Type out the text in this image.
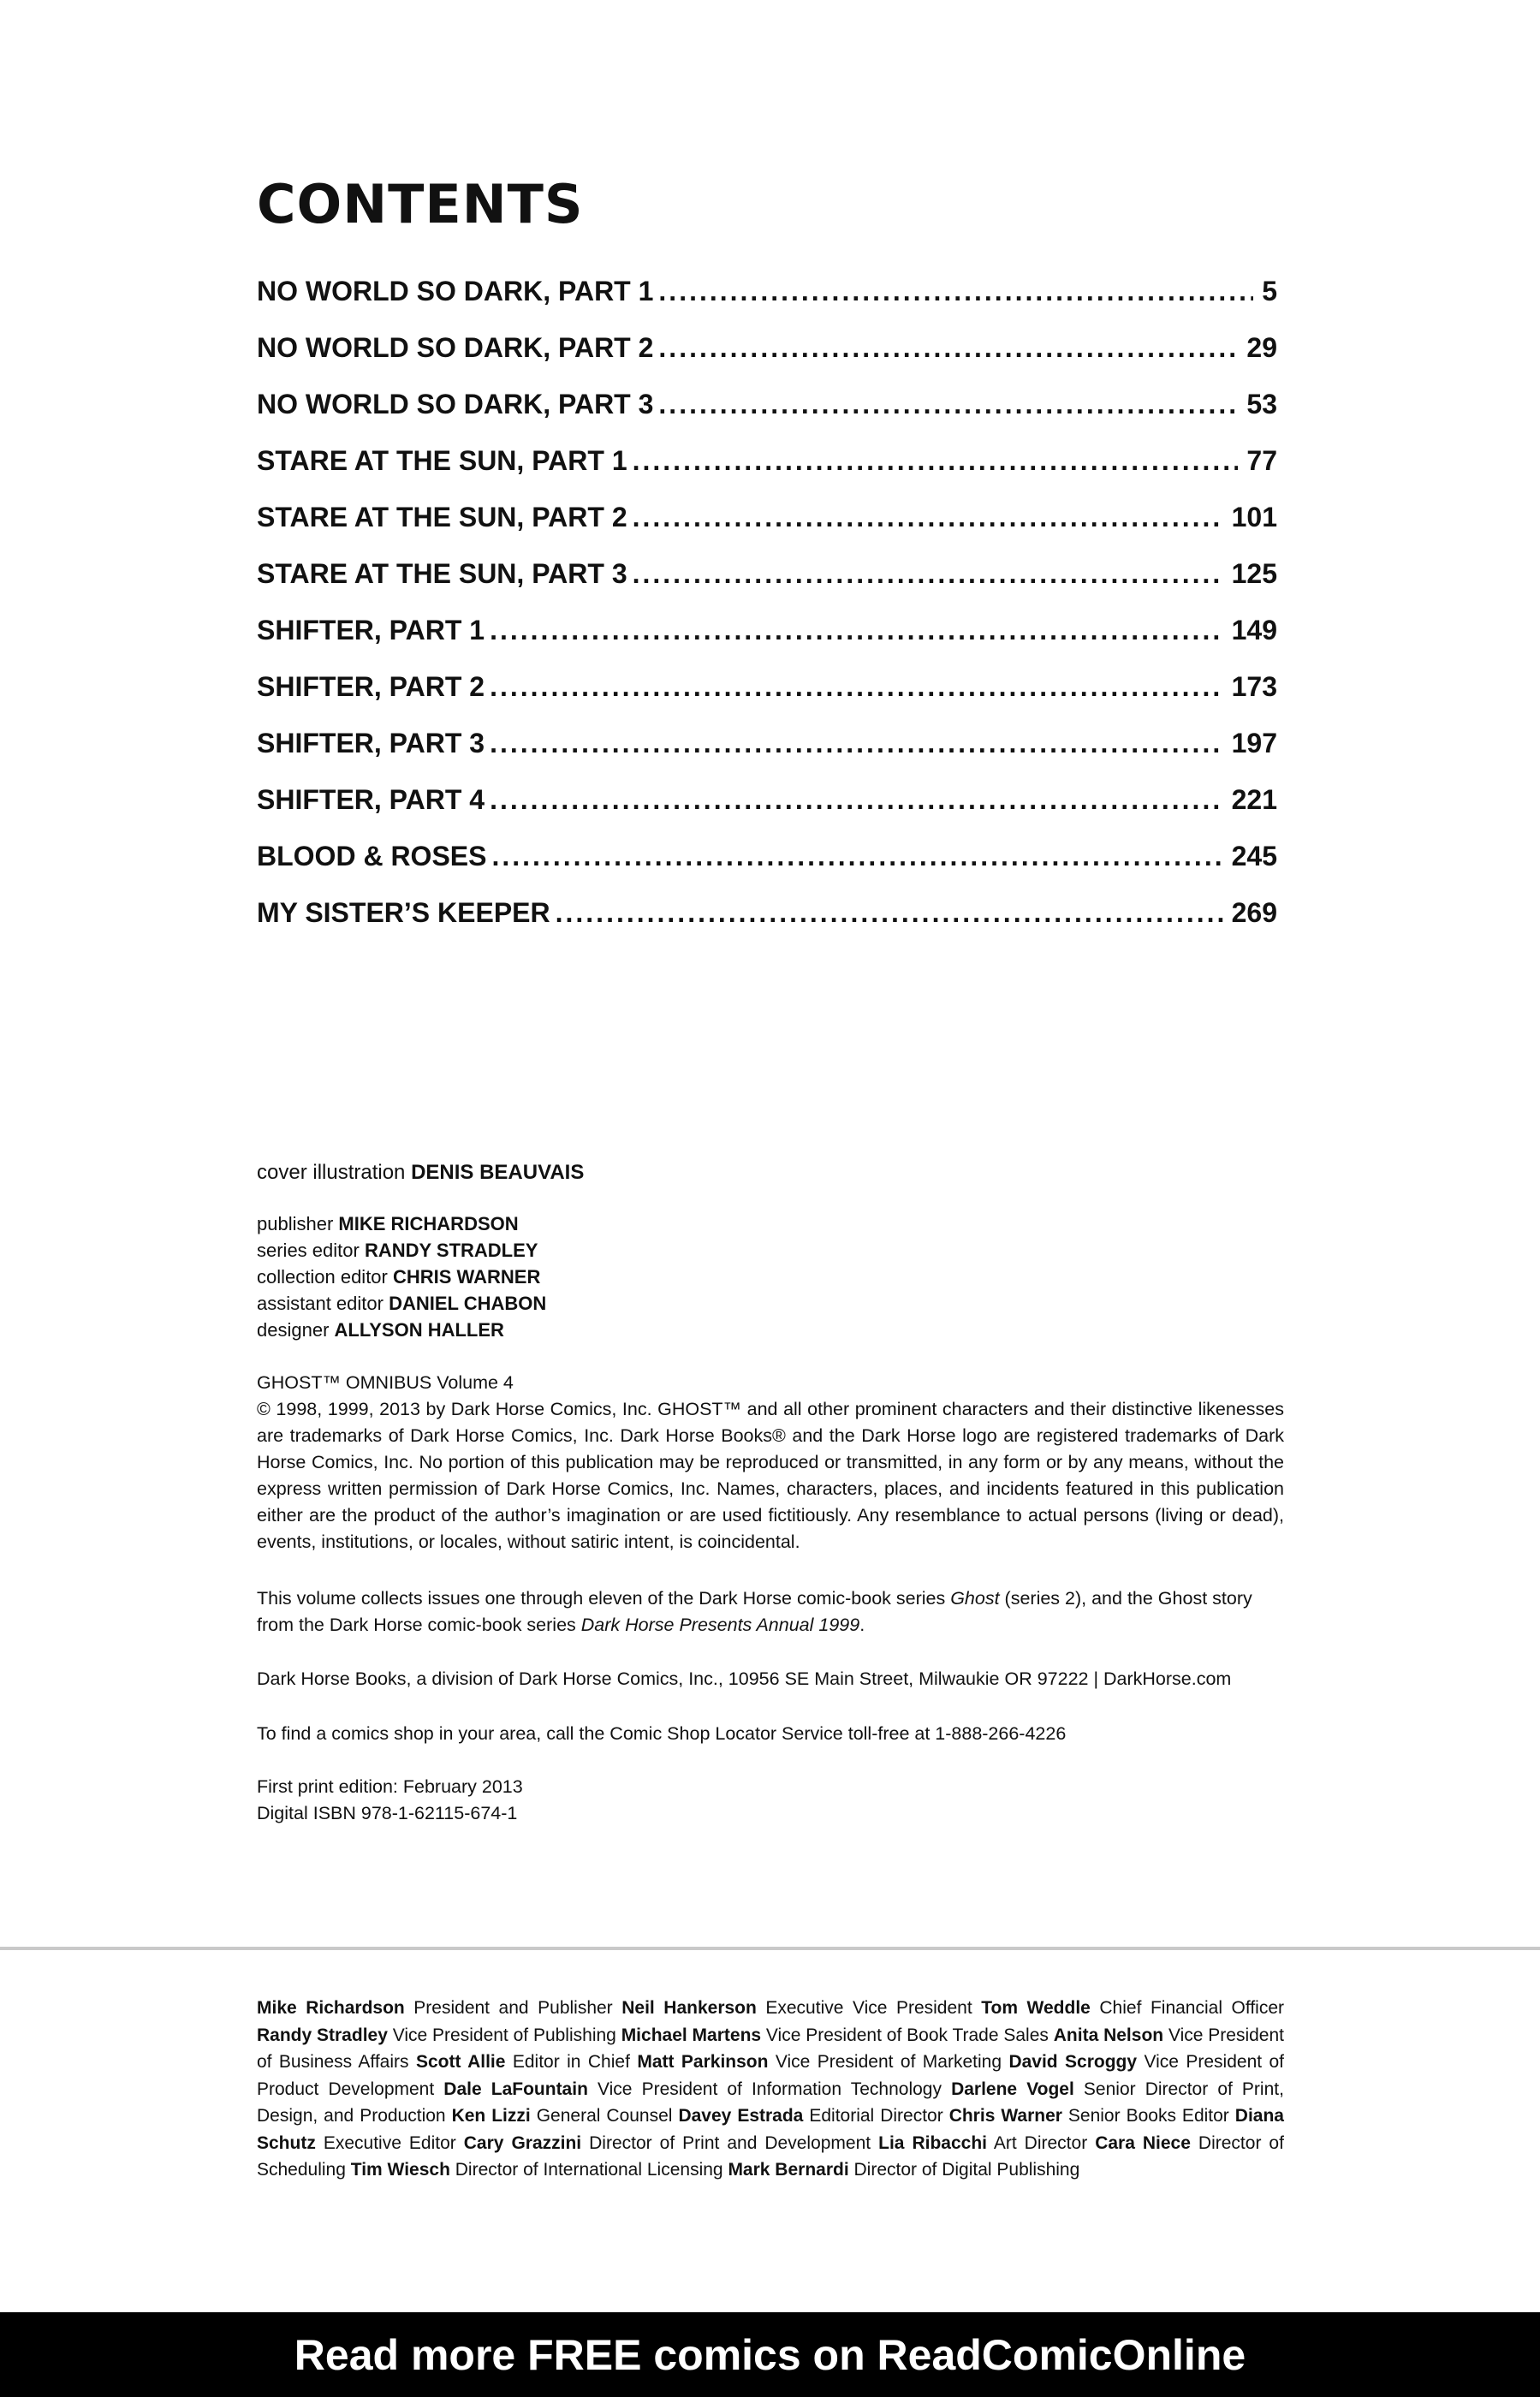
CONTENTS
NO WORLD SO DARK, PART 1 .....	5
NO WORLD SO DARK, PART 2 .....	29
NO WORLD SO DARK, PART 3 .....	53
STARE AT THE SUN, PART 1 .....	77
STARE AT THE SUN, PART 2 .....	101
STARE AT THE SUN, PART 3 .....	125
SHIFTER, PART 1 .....	149
SHIFTER, PART 2 .....	173
SHIFTER, PART 3 .....	197
SHIFTER, PART 4 .....	221
BLOOD & ROSES .....	245
MY SISTER’S KEEPER .....	269
cover illustration DENIS BEAUVAIS
publisher MIKE RICHARDSON
series editor RANDY STRADLEY
collection editor CHRIS WARNER
assistant editor DANIEL CHABON
designer ALLYSON HALLER

GHOST™ OMNIBUS Volume 4

© 1998, 1999, 2013 by Dark Horse Comics, Inc. GHOST™ and all other prominent characters and their distinctive likenesses are trademarks of Dark Horse Comics, Inc. Dark Horse Books® and the Dark Horse logo are registered trademarks of Dark Horse Comics, Inc. No portion of this publication may be reproduced or transmitted, in any form or by any means, without the express written permission of Dark Horse Comics, Inc. Names, characters, places, and incidents featured in this publication either are the product of the author’s imagination or are used fictitiously. Any resemblance to actual persons (living or dead), events, institutions, or locales, without satiric intent, is coincidental.

This volume collects issues one through eleven of the Dark Horse comic-book series Ghost (series 2), and the Ghost story from the Dark Horse comic-book series Dark Horse Presents Annual 1999.

Dark Horse Books, a division of Dark Horse Comics, Inc., 10956 SE Main Street, Milwaukie OR 97222 | DarkHorse.com

To find a comics shop in your area, call the Comic Shop Locator Service toll-free at 1-888-266-4226

First print edition: February 2013

Digital ISBN 978-1-62115-674-1

Mike Richardson President and Publisher Neil Hankerson Executive Vice President Tom Weddle Chief Financial Officer Randy Stradley Vice President of Publishing Michael Martens Vice President of Book Trade Sales Anita Nelson Vice President of Business Affairs Scott Allie Editor in Chief Matt Parkinson Vice President of Marketing David Scroggy Vice President of Product Development Dale LaFountain Vice President of Information Technology Darlene Vogel Senior Director of Print, Design, and Production Ken Lizzi General Counsel Davey Estrada Editorial Director Chris Warner Senior Books Editor Diana Schutz Executive Editor Cary Grazzini Director of Print and Development Lia Ribacchi Art Director Cara Niece Director of Scheduling Tim Wiesch Director of International Licensing Mark Bernardi Director of Digital Publishing
Read more FREE comics on ReadComicOnline
